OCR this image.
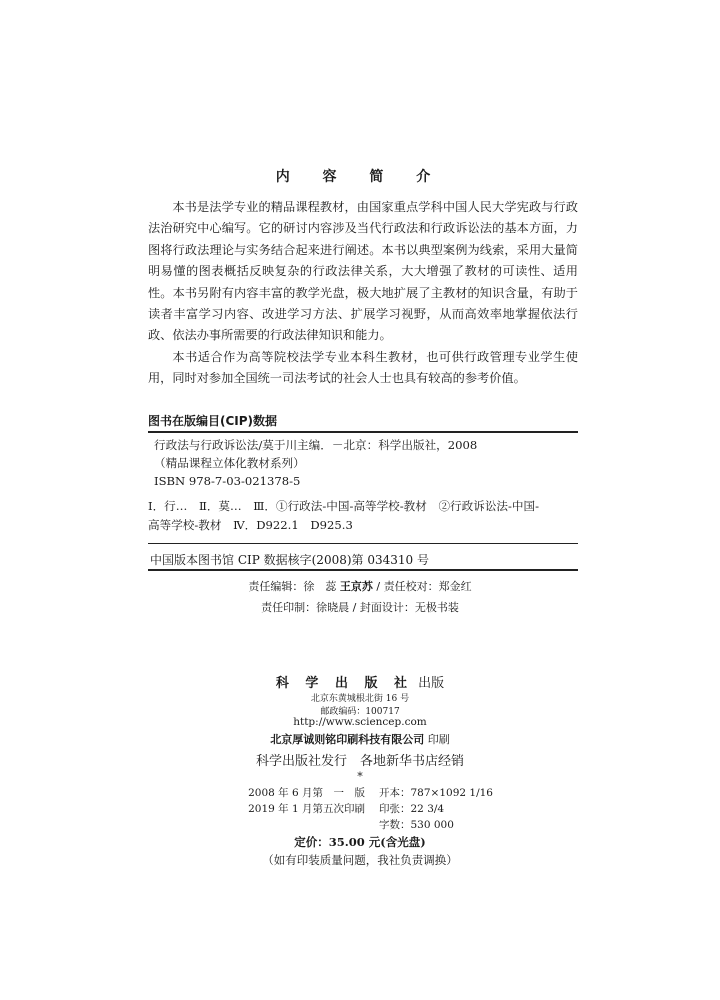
内 容 简 介

本书是法学专业的精品课程教材，由国家重点学科中国人民大学宪政与行政法治研究中心编写。它的研讨内容涉及当代行政法和行政诉讼法的基本方面，力图将行政法理论与实务结合起来进行阐述。本书以典型案例为线索，采用大量简明易懂的图表概括反映复杂的行政法律关系，大大增强了教材的可读性、适用性。本书另附有内容丰富的教学光盘，极大地扩展了主教材的知识含量，有助于读者丰富学习内容、改进学习方法、扩展学习视野，从而高效率地掌握依法行政、依法办事所需要的行政法律知识和能力。

本书适合作为高等院校法学专业本科生教材，也可供行政管理专业学生使用，同时对参加全国统一司法考试的社会人士也具有较高的参考价值。

图书在版编目(CIP)数据
行政法与行政诉讼法/莫于川主编．－北京：科学出版社，2008
（精品课程立体化教材系列）
ISBN 978-7-03-021378-5
Ⅰ．行…　Ⅱ．莫…　Ⅲ．①行政法-中国-高等学校-教材　②行政诉讼法-中国-
高等学校-教材　Ⅳ．D922.1　D925.3
中国版本图书馆 CIP 数据核字(2008)第 034310 号
责任编辑：徐　蕊 王京苏 / 责任校对：郑金红
责任印制：徐晓晨 / 封面设计：无极书装
科 学 出 版 社 出版
北京东黄城根北街 16 号
邮政编码：100717
http://www.sciencep.com
北京厚诚则铭印刷科技有限公司 印刷
科学出版社发行　各地新华书店经销
*
2008 年 6 月第　一　版	开本：787×1092 1/16
2019 年 1 月第五次印刷	印张：22 3/4
字数：530 000
定价：35.00 元(含光盘)
（如有印装质量问题，我社负责调换）
